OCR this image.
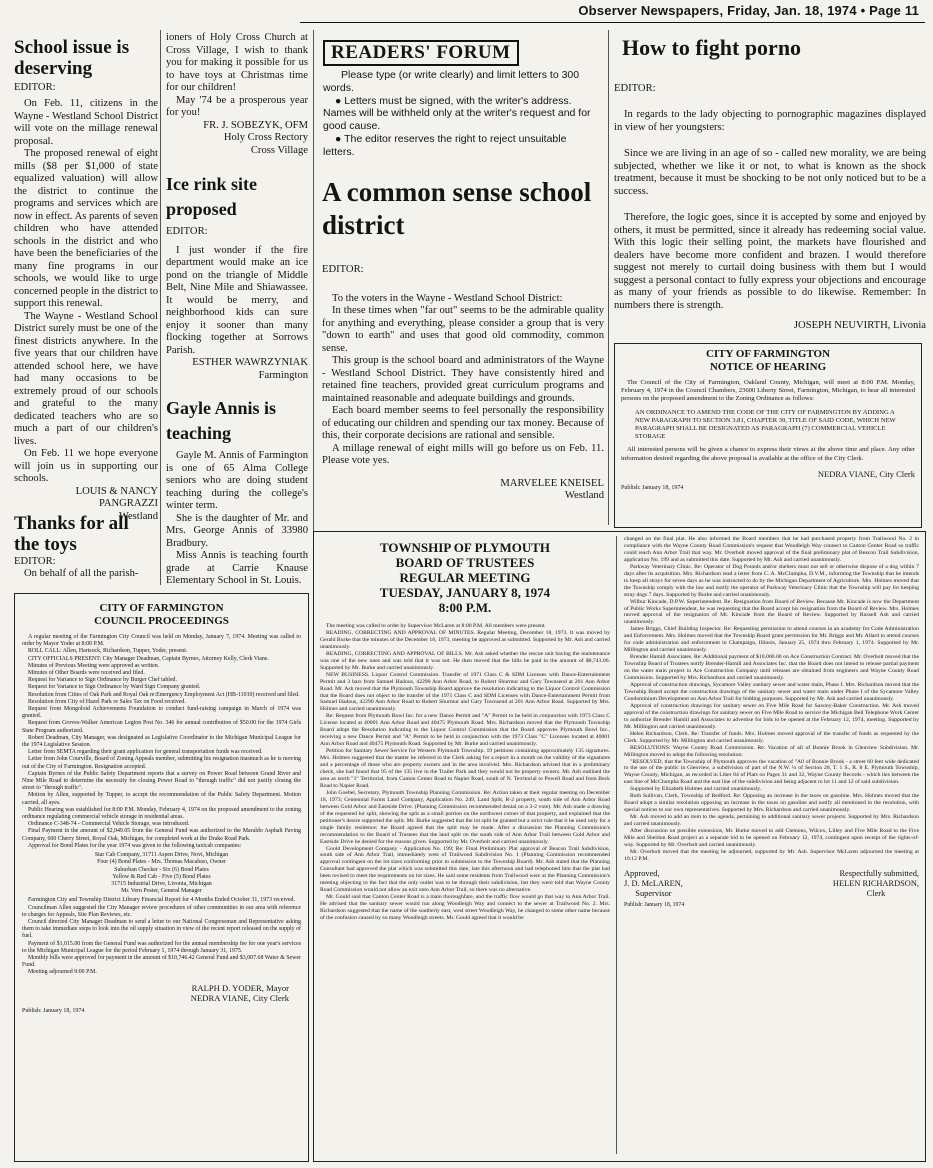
Observer Newspapers, Friday, Jan. 18, 1974 • Page 11
School issue is deserving
EDITOR:

On Feb. 11, citizens in the Wayne - Westland School District will vote on the millage renewal proposal.

The proposed renewal of eight mills ($8 per $1,000 of state equalized valuation) will allow the district to continue the programs and services which are now in effect. As parents of seven children who have attended schools in the district and who have been the beneficiaries of the many fine programs in our schools, we would like to urge concerned people in the district to support this renewal.

The Wayne - Westland School District surely must be one of the finest districts anywhere. In the five years that our children have attended school here, we have had many occasions to be extremely proud of our schools and grateful to the many dedicated teachers who are so much a part of our children's lives.

On Feb. 11 we hope everyone will join us in supporting our schools.

LOUIS & NANCY
PANGRAZZI
Westland
Thanks for all the toys
EDITOR:

On behalf of all the parish-

ioners of Holy Cross Church at Cross Village, I wish to thank you for making it possible for us to have toys at Christmas time for our children!

May '74 be a prosperous year for you!

FR. J. SOBEZYK, OFM
Holy Cross Rectory
Cross Village
Ice rink site proposed
EDITOR:

I just wonder if the fire department would make an ice pond on the triangle of Middle Belt, Nine Mile and Shiawassee. It would be merry, and neighborhood kids can sure enjoy it sooner than many flocking together at Sorrows Parish.

ESTHER WAWRZYNIAK
Farmington
Gayle Annis is teaching

Gayle M. Annis of Farmington is one of 65 Alma College seniors who are doing student teaching during the college's winter term.

She is the daughter of Mr. and Mrs. George Annis of 33980 Bradbury.

Miss Annis is teaching fourth grade at Carrie Knause Elementary School in St. Louis.

READERS' FORUM
Please type (or write clearly) and limit letters to 300 words.
● Letters must be signed, with the writer's address. Names will be withheld only at the writer's request and for good cause.
● The editor reserves the right to reject unsuitable letters.
A common sense school district
EDITOR:

To the voters in the Wayne - Westland School District:

In these times when "far out" seems to be the admirable quality for anything and everything, please consider a group that is very "down to earth" and uses that good old commodity, common sense.

This group is the school board and administrators of the Wayne - Westland School District. They have consistently hired and retained fine teachers, provided great curriculum programs and maintained reasonable and adequate buildings and grounds.

Each board member seems to feel personally the responsibility of educating our children and spending our tax money. Because of this, their corporate decisions are rational and sensible.

A millage renewal of eight mills will go before us on Feb. 11. Please vote yes.

MARVELEE KNEISEL
Westland
How to fight porno
EDITOR:

In regards to the lady objecting to pornographic magazines displayed in view of her youngsters:

Since we are living in an age of so - called new morality, we are being subjected, whether we like it or not, to what is known as the shock treatment, because it must be shocking to be not only noticed but to be a success.

Therefore, the logic goes, since it is accepted by some and enjoyed by others, it must be permitted, since it already has redeeming social value. With this logic their selling point, the markets have flourished and dealers have become more confident and brazen. I would therefore suggest not merely to curtail doing business with them but I would suggest a personal contact to fully express your objections and encourage as many of your friends as possible to do likewise. Remember: In numbers there is strength.

JOSEPH NEUVIRTH, Livonia
CITY OF FARMINGTON
NOTICE OF HEARING

The Council of the City of Farmington, Oakland County, Michigan, will meet at 8:00 P.M. Monday, February 4, 1974 in the Council Chambers, 23600 Liberty Street, Farmington, Michigan, to hear all interested persons on the proposed amendment to the Zoning Ordinance as follows:

AN ORDINANCE TO AMEND THE CODE OF THE CITY OF FARMINGTON BY ADDING A NEW PARAGRAPH TO SECTION 3.81, CHAPTER 39, TITLE OF SAID CODE, WHICH NEW PARAGRAPH SHALL BE DESIGNATED AS PARAGRAPH (7) COMMERCIAL VEHICLE STORAGE

All interested persons will be given a chance to express their views at the above time and place. Any other information desired regarding the above proposal is available at the office of the City Clerk.

NEDRA VIANE, City Clerk
Publish: January 18, 1974
CITY OF FARMINGTON
COUNCIL PROCEEDINGS

A regular meeting of the Farmington City Council was held on Monday, January 7, 1974. Meeting was called to order by Mayor Yoder at 8:00 P.M.

ROLL CALL: Allen, Hartsock, Richardson, Tupper, Yoder, present.

CITY OFFICIALS PRESENT: City Manager Deadman, Captain Byrnes, Attorney Kelly, Clerk Viane.

Minutes of Previous Meeting were approved as written.

Minutes of Other Boards were received and filed.

Request for Variance to Sign Ordinance by Burger Chef tabled.

Request for Variance to Sign Ordinance by Ward Sign Company granted.

Resolution from Cities of Oak Park and Royal Oak re:Emergency Employment Act (HB-11010) received and filed.

Resolution from City of Hazel Park re Sales Tax on Food received.

Request from Mongoloid Achievements Foundation to conduct fund-raising campaign in March of 1974 was granted.

Request from Groves-Walker American Legion Post No. 346 for annual contribution of $50.00 for the 1974 Girls State Program authorized.

Robert Deadman, City Manager, was designated as Legislative Coordinator to the Michigan Municipal League for the 1974 Legislative Session.

Letter from SEMTA regarding their grant application for general transportation funds was received.

Letter from John Courville, Board of Zoning Appeals member, submitting his resignation inasmuch as he is moving out of the City of Farmington. Resignation accepted.

Captain Byrnes of the Public Safety Department reports that a survey on Power Road between Grand River and Nine Mile Road to determine the necessity for closing Power Road to "through traffic" did not justify closing the street to "through traffic".

Motion by Allen, supported by Tupper, to accept the recommendation of the Public Safety Department. Motion carried, all ayes.

Public Hearing was established for 8:00 P.M. Monday, February 4, 1974 on the proposed amendment to the zoning ordinance regulating commercial vehicle storage in residential areas.

Ordinance C-348-74 - Commercial Vehicle Storage, was introduced.

Final Payment in the amount of $2,049.05 from the General Fund was authorized to the Maraldo Asphalt Paving Company, 600 Cherry Street, Royal Oak, Michigan, for completed work at the Drake Road Park.

Approval for Bond Plates for the year 1974 was given to the following taxicab companies:

Star Cab Company, 31711 Aspen Drive, Novi, Michigan
Four (4) Bond Plates - Mrs. Thomas Macaluso, Owner
Suburban Checker - Six (6) Bond Plates
Yellow & Red Cab - Five (5) Bond Plates
31715 Industrial Drive, Livonia, Michigan
Mr. Vern Poster, General Manager

Farmington City and Township District Library Financial Report for 4 Months Ended October 31, 1973 received.

Councilman Allen suggested the City Manager review procedures of other communities in our area with reference to charges for Appeals, Site Plan Reviews, etc.

Council directed City Manager Deadman to send a letter to our National Congressman and Representative asking them to take immediate steps to look into the oil supply situation in view of the recent report released on the supply of fuel.

Payment of $1,015.00 from the General Fund was authorized for the annual membership fee for one year's services to the Michigan Municipal League for the period February 1, 1974 through January 31, 1975.

Monthly bills were approved for payment in the amount of $10,746.42 General Fund and $3,007.68 Water & Sewer Fund.

Meeting adjourned 9:00 P.M.

RALPH D. YODER, Mayor
NEDRA VIANE, City Clerk
Publish: January 18, 1974
TOWNSHIP OF PLYMOUTH
BOARD OF TRUSTEES
REGULAR MEETING
TUESDAY, JANUARY 8, 1974
8:00 P.M.

The meeting was called to order by Supervisor McLaren at 8:00 P.M. All members were present.

READING, CORRECTING AND APPROVAL OF MINUTES. Regular Meeting, December 18, 1973. It was moved by Gerald Burke that the minutes of the December 18, 1973, meeting be approved as submitted. Supported by Mr. Ash and carried unanimously.

READING, CORRECTING AND APPROVAL OF BILLS. Mr. Ash asked whether the rescue unit having the maintenance was one of the new ones and was told that it was not. He then moved that the bills be paid in the amount of $8,743.06. Supported by Mr. Burke and carried unanimously.

NEW BUSINESS. Liquor Control Commission. Transfer of 1971 Class C & SDM Licenses with Dance-Entertainment Permit and 3 bars from Samuel Hadous, 42290 Ann Arbor Road, to Robert Shurmur and Gary Townsend at 201 Ann Arbor Road. Mr. Ash moved that the Plymouth Township Board approve the resolution indicating to the Liquor Control Commission that the Board does not object to the transfer of the 1971 Class C and SDM Licenses with Dance-Entertainment Permit from Samuel Hadous, 42290 Ann Arbor Road to Robert Shurmur and Gary Townsend at 201 Ann Arbor Road. Supported by Mrs. Holmes and carried unanimously.

Re: Request from Plymouth Bowl Inc. for a new Dance Permit and "A" Permit to be held in conjunction with 1973 Class C License located at 40001 Ann Arbor Road and 40475 Plymouth Road. Mrs. Richardson moved that the Plymouth Township Board adopt the Resolution indicating to the Liquor Control Commission that the Board approves Plymouth Bowl Inc., receiving a new Dance Permit and "A" Permit to be held in conjunction with the 1973 Class "C" Licenses located at 40001 Ann Arbor Road and 40475 Plymouth Road. Supported by Mr. Burke and carried unanimously.

Petition for Sanitary Sewer Service for Western Plymouth Township. 19 petitions containing approximately 135 signatures. Mrs. Holmes suggested that the matter be referred to the Clerk asking for a report in a month on the validity of the signatures and a percentage of those who are property owners and in the area involved. Mrs. Richardson advised that in a preliminary check, she had found that 95 of the 135 live in the Trailer Park and they would not be property owners. Mr. Ash outlined the area as north "1" Territorial, from Canton Center Road to Napier Road, south of N. Territorial to Powell Road and from Beck Road to Napier Road.

John Goebel, Secretary, Plymouth Township Planning Commission. Re: Action taken at their regular meeting on December 18, 1973; Centennial Farms Land Company, Application No. 249, Land Split, R-2 property, south side of Ann Arbor Road between Gold Arbor and Eastside Drive. (Planning Commission recommended denial on a 3-2 vote). Mr. Ash made a drawing of the requested lot split, showing the split as a small portion on the northwest corner of that property, and explained that the petitioner's desire supported the split. Mr. Burke suggested that the lot split be granted but a strict rule that it be used only for a single family residence; the Board agreed that the split may be made. After a discussion the Planning Commission's recommendation to the Board of Trustees that the land split on the south side of Ann Arbor Trail between Gold Arbor and Eastside Drive be denied for the reasons given. Supported by Mr. Overholt and carried unanimously.

Goold Development Company - Application No. 199; Re: Final Preliminary Plat approval of Beacon Trail Subdivision, south side of Ann Arbor Trail, immediately west of Trailwood Subdivision No. 1 (Planning Commission recommended approval contingent on the lot sizes conforming prior to submission to the Township Board). Mr. Ash stated that the Planning Consultant had approved the plat which was submitted this date, late this afternoon and had telephoned him that the plat had been revised to meet the requirements on lot sizes. He said some residents from Trailwood were at the Planning Commission's meeting objecting to the fact that the only outlet was to be through their subdivision, but they were told that Wayne County Road Commission would not allow an exit onto Ann Arbor Trail, so there was no alternative.

Mr. Gould said that Canton Center Road is a main thoroughfare, and the traffic flow would go that way to Ann Arbor Trail. He advised that the sanitary sewer would run along Woodleigh Way and connect to the sewer at Trailwood No. 2. Mrs. Richardson suggested that the name of the southerly east, west street Woodleigh Way, be changed to some other name because of the confusion caused by so many Woodleigh streets. Mr. Gould agreed that it would be

changed on the final plat. He also informed the Board members that he had purchased property from Trailwood No. 2 in compliance with the Wayne County Road Commission's request that Woodleigh Way connect to Canton Center Road so traffic could reach Ann Arbor Trail that way. Mr. Overholt moved approval of the final preliminary plat of Beacon Trail Subdivision, application No. 199 and as submitted this date. Supported by Mr. Ash and carried unanimously.

Parkway Veterinary Clinic. Re: Operator of Dog Pounds and/or shelters must not sell or otherwise dispose of a dog within 7 days after its acquisition. Mrs. Richardson read a letter from C. A. McClumpha, D.V.M., informing the Township that he intends to keep all strays for seven days as he was instructed to do by the Michigan Department of Agriculture. Mrs. Holmes moved that the Township comply with the law and notify the operator of Parkway Veterinary Clinic that the Township will pay for keeping stray dogs 7 days. Supported by Burke and carried unanimously.

Wilbur Kincade, D.P.W. Superintendent. Re: Resignation from Board of Review. Because Mr. Kincade is now the Department of Public Works Superintendent, he was requesting that the Board accept his resignation from the Board of Review. Mrs. Holmes moved approval of the resignation of Mr. Kincade from the Board of Review. Supported by Russell Ash and carried unanimously.

James Briggs, Chief Building Inspector. Re: Requesting permission to attend courses in an academy for Code Administration and Enforcement. Mrs. Holmes moved that the Township Board grant permission for Mr. Briggs and Mr. Allard to attend courses for code administration and enforcement in Champaign, Illinois, January 25, 1974 thru February 1, 1974. Supported by Mr. Millington and carried unanimously.

Brender Hamill Associates. Re: Additional payment of $10,000.00 on Ace Construction Contract. Mr. Overholt moved that the Township Board of Trustees notify Brender-Hamill and Associates Inc. that the Board does not intend to release partial payment on the water main project to Ace Construction Company until releases are obtained from engineers and Wayne County Road Commission. Supported by Mrs. Richardson and carried unanimously.

Approval of construction drawings, Sycamore Valley sanitary sewer and water main, Phase I. Mrs. Richardson moved that the Township Board accept the construction drawings of the sanitary sewer and water main under Phase I of the Sycamore Valley Condominium Development on Ann Arbor Trail for bidding purposes. Supported by Mr. Ash and carried unanimously.

Approval of construction drawings for sanitary sewer on Five Mile Road for Saxony-Baker Construction. Mr. Ash moved approval of the construction drawings for sanitary sewer on Five Mile Road to service the Michigan Bell Telephone Work Center to authorize Brender Hamill and Associates to advertise for bids to be opened at the February 12, 1974, meeting. Supported by Mr. Millington and carried unanimously.

Helen Richardson, Clerk. Re: Transfer of funds. Mrs. Holmes moved approval of the transfer of funds as requested by the Clerk. Supported by Mr. Millington and carried unanimously.

RESOLUTIONS: Wayne County Road Commission. Re: Vacation of all of Bonnie Brook in Glenview Subdivision. Mr. Millington moved to adopt the following resolution:

"RESOLVED, that the Township of Plymouth approves the vacation of "All of Bonnie Brook - a street 60 feet wide dedicated to the use of the public in Glenview, a subdivision of part of the N.W. ¼ of Section 28, T. 1 S., R. 8 E. Plymouth Township, Wayne County, Michigan, as recorded in Liber 84 of Plats on Pages 31 and 32, Wayne County Records - which lies between the east line of McClumpha Road and the east line of the subdivision and being adjacent to lot 11 and 12 of said subdivision.

Supported by Elizabeth Holmes and carried unanimously.

Ruth Sullivan, Clerk, Township of Redford. Re: Opposing an increase in the taxes on gasoline. Mrs. Holmes moved that the Board adopt a similar resolution opposing an increase in the taxes on gasoline and notify all mentioned in the resolution, with special notices to our own representatives. Supported by Mrs. Richardson and carried unanimously.

Mr. Ash moved to add an item to the agenda, pertaining to additional sanitary sewer projects. Supported by Mrs. Richardson and carried unanimously.

After discussion on possible extensions, Mr. Burke moved to add Clemons, Wilcox, Lilley and Five Mile Road to the Five Mile and Sheldon Road project as a separate bid to be opened on February 12, 1974, contingent upon receipt of the rights-of-way. Supported by Mr. Overholt and carried unanimously.

Mr. Overholt moved that the meeting be adjourned, supported by Mr. Ash. Supervisor McLaren adjourned the meeting at 10:12 P.M.

Approved,
J. D. McLAREN,
Supervisor
Respectfully submitted,
HELEN RICHARDSON,
Clerk
Publish: January 18, 1974
